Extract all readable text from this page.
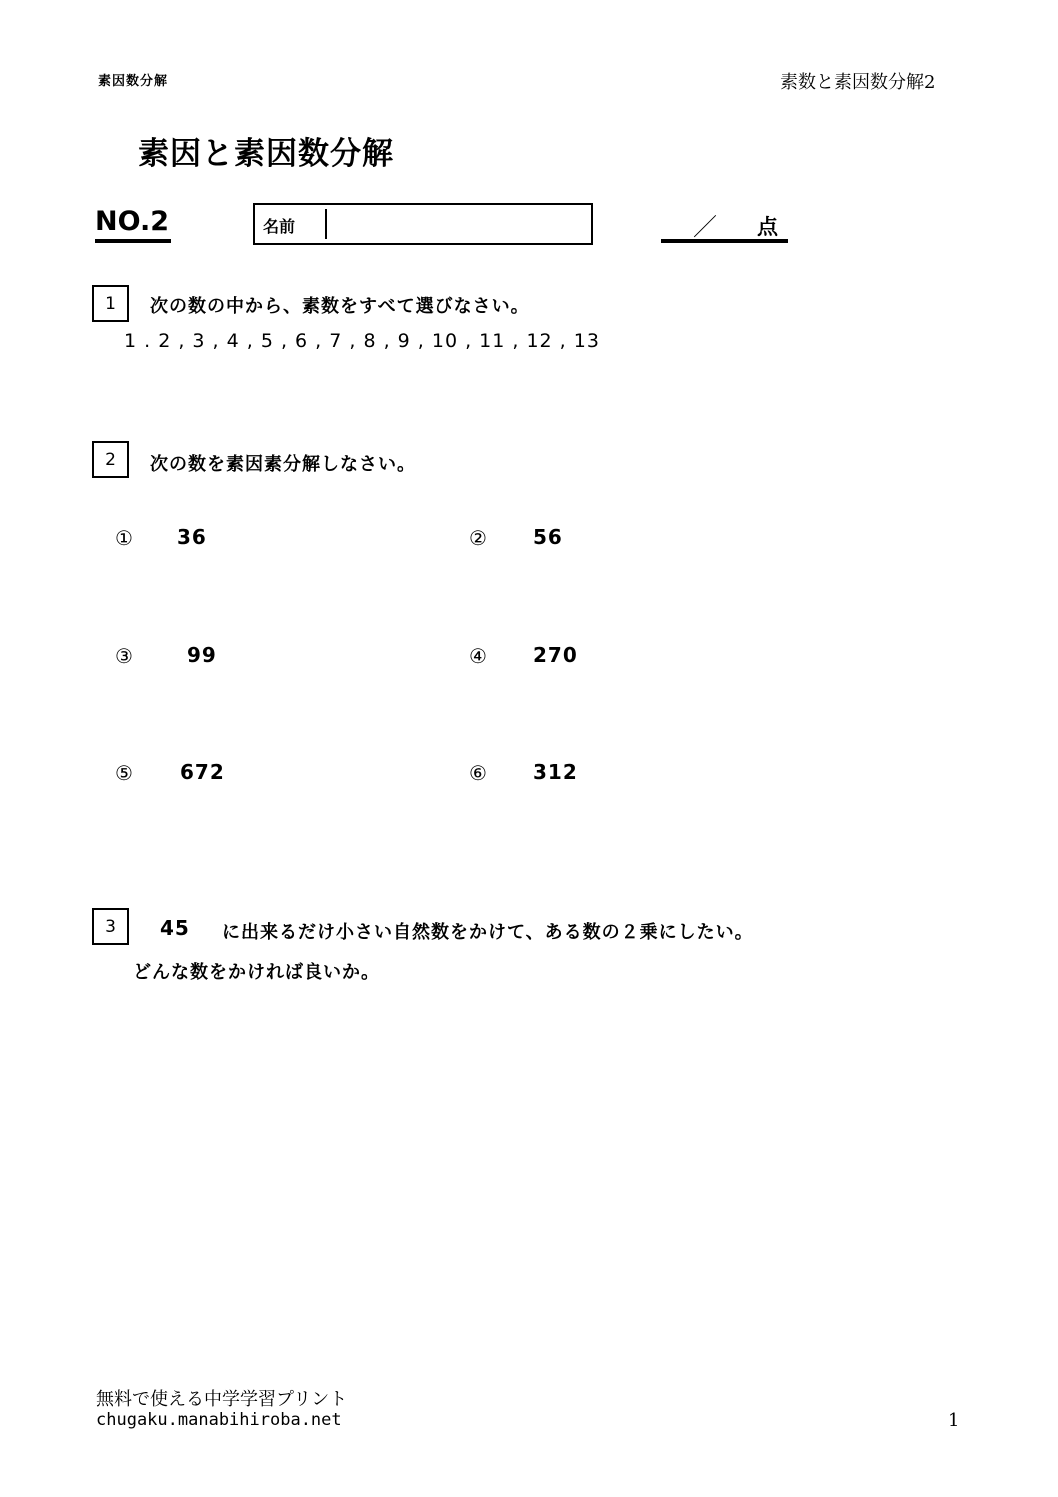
素因数分解	素数と素因数分解2
素因と素因数分解
NO.2	名前	／ 点
1 次の数の中から、素数をすべて選びなさい。
1 . 2 , 3 , 4 , 5 , 6 , 7 , 8 , 9 , 10 , 11 , 12 , 13
2 次の数を素因素分解しなさい。
① 36	② 56
③	99	④ 270
⑤ 672	⑥ 312
3 45 に出来るだけ小さい自然数をかけて、ある数の２乗にしたい。
どんな数をかければ良いか。
無料で使える中学学習プリント
chugaku.manabihiroba.net	1
